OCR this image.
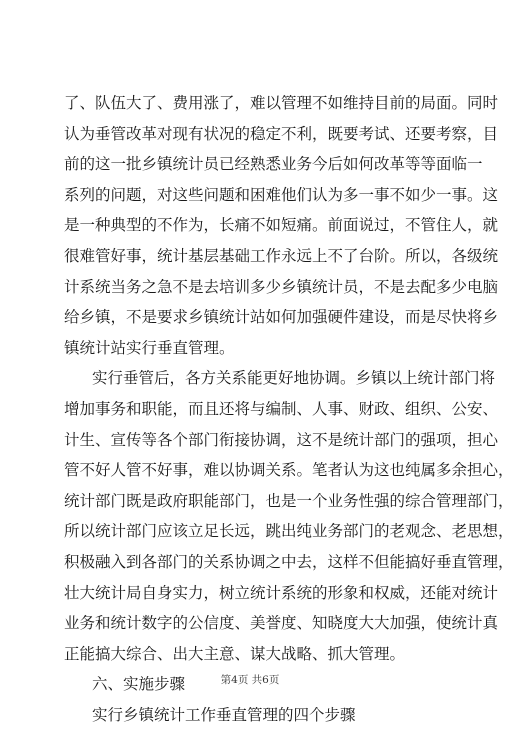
了、队伍大了、费用涨了，难以管理不如维持目前的局面。同时
认为垂管改革对现有状况的稳定不利，既要考试、还要考察，目
前的这一批乡镇统计员已经熟悉业务今后如何改革等等面临一
系列的问题，对这些问题和困难他们认为多一事不如少一事。这
是一种典型的不作为，长痛不如短痛。前面说过，不管住人，就
很难管好事，统计基层基础工作永远上不了台阶。所以，各级统
计系统当务之急不是去培训多少乡镇统计员，不是去配多少电脑
给乡镇，不是要求乡镇统计站如何加强硬件建设，而是尽快将乡
镇统计站实行垂直管理。
实行垂管后，各方关系能更好地协调。乡镇以上统计部门将
增加事务和职能，而且还将与编制、人事、财政、组织、公安、
计生、宣传等各个部门衔接协调，这不是统计部门的强项，担心
管不好人管不好事，难以协调关系。笔者认为这也纯属多余担心，
统计部门既是政府职能部门，也是一个业务性强的综合管理部门，
所以统计部门应该立足长远，跳出纯业务部门的老观念、老思想，
积极融入到各部门的关系协调之中去，这样不但能搞好垂直管理，
壮大统计局自身实力，树立统计系统的形象和权威，还能对统计
业务和统计数字的公信度、美誉度、知晓度大大加强，使统计真
正能搞大综合、出大主意、谋大战略、抓大管理。
六、实施步骤
实行乡镇统计工作垂直管理的四个步骤
第4页 共6页
